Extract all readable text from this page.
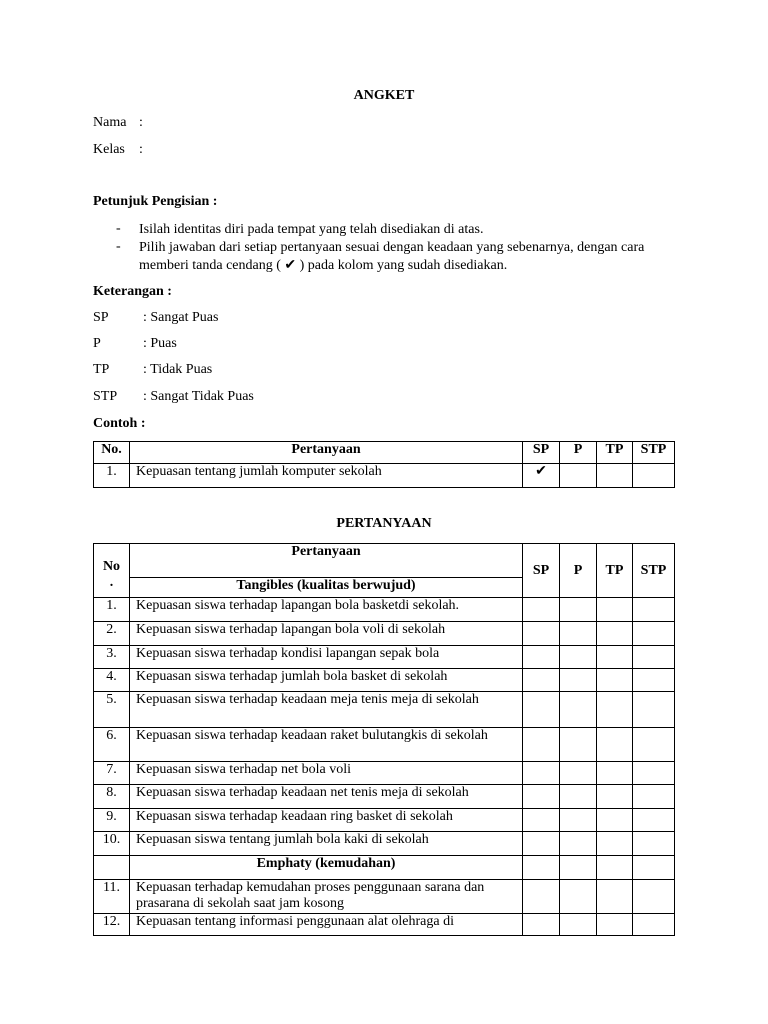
ANGKET
Nama :
Kelas :
Petunjuk Pengisian :
- Isilah identitas diri pada tempat yang telah disediakan di atas.
- Pilih jawaban dari setiap pertanyaan sesuai dengan keadaan yang sebenarnya, dengan cara memberi tanda cendang ( ✔ ) pada kolom yang sudah disediakan.
Keterangan :
SP : Sangat Puas
P	: Puas
TP : Tidak Puas
STP : Sangat Tidak Puas
Contoh :
No.	Pertanyaan	SP	P	TP	STP
1.	Kepuasan tentang jumlah komputer sekolah	✔			
PERTANYAAN
No
.	Pertanyaan	SP	P	TP	STP
	Tangibles (kualitas berwujud)				
1.	Kepuasan siswa terhadap lapangan bola basketdi sekolah.				
2.	Kepuasan siswa terhadap lapangan bola voli di sekolah				
3.	Kepuasan siswa terhadap kondisi lapangan sepak bola				
4.	Kepuasan siswa terhadap jumlah bola basket di sekolah				
5.	Kepuasan siswa terhadap keadaan meja tenis meja di sekolah				
6.	Kepuasan siswa terhadap keadaan raket bulutangkis di sekolah				
7.	Kepuasan siswa terhadap net bola voli				
8.	Kepuasan siswa terhadap keadaan net tenis meja di sekolah				
9.	Kepuasan siswa terhadap keadaan ring basket di sekolah				
10.	Kepuasan siswa tentang jumlah bola kaki di sekolah				
	Emphaty (kemudahan)				
11.	Kepuasan terhadap kemudahan proses penggunaan sarana dan prasarana di sekolah saat jam kosong				
12.	Kepuasan tentang informasi penggunaan alat olehraga di				
